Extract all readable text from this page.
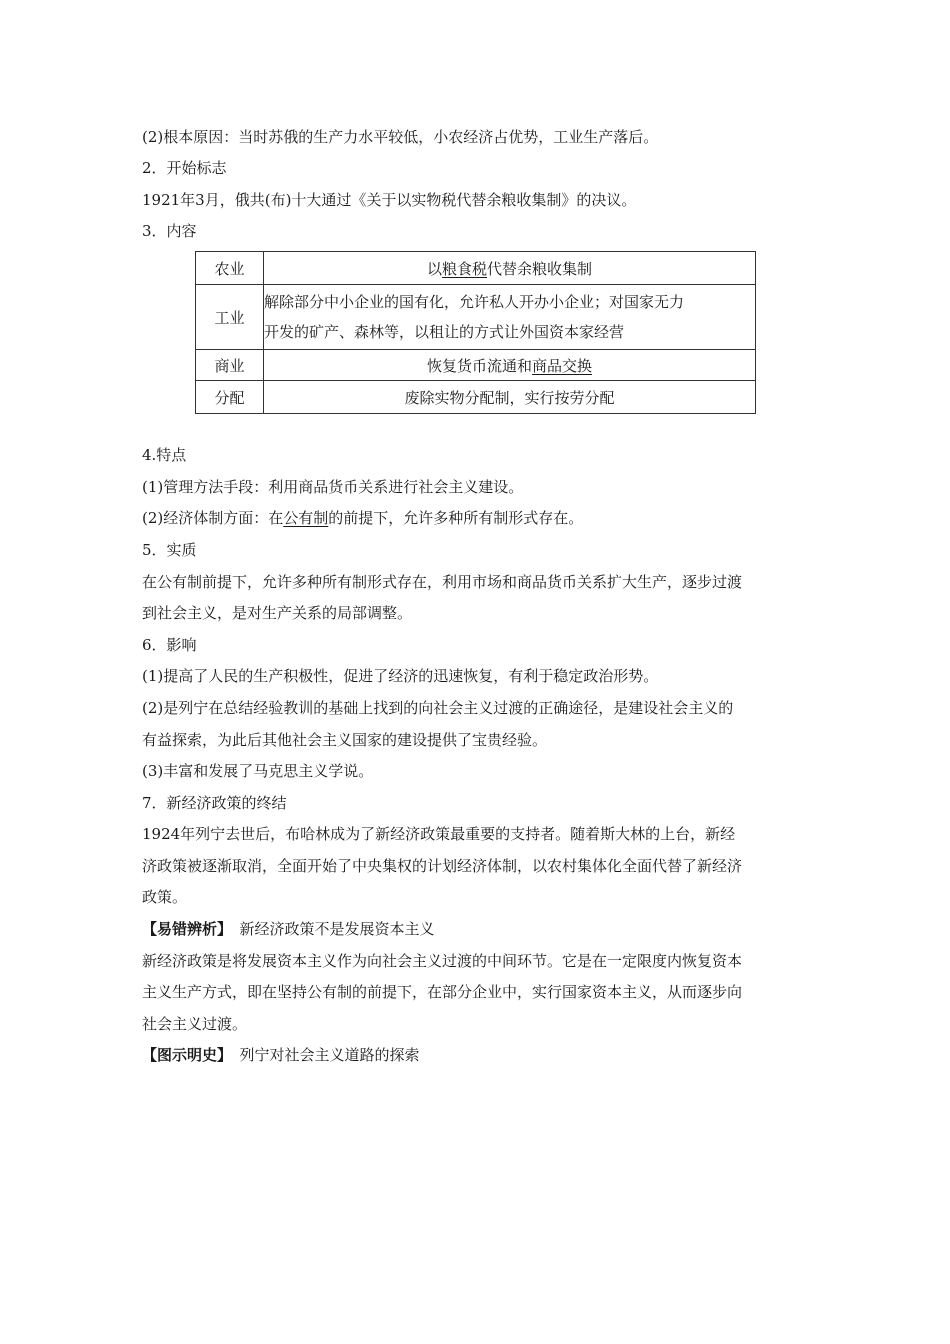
(2)根本原因：当时苏俄的生产力水平较低，小农经济占优势，工业生产落后。
2．开始标志
1921年3月，俄共(布)十大通过《关于以实物税代替余粮收集制》的决议。
3．内容
农业	以粮食税代替余粮收集制
工业	解除部分中小企业的国有化，允许私人开办小企业；对国家无力
开发的矿产、森林等，以租让的方式让外国资本家经营

商业	恢复货币流通和商品交换
分配	废除实物分配制，实行按劳分配
4.特点
(1)管理方法手段：利用商品货币关系进行社会主义建设。
(2)经济体制方面：在公有制的前提下，允许多种所有制形式存在。
5．实质
在公有制前提下，允许多种所有制形式存在，利用市场和商品货币关系扩大生产，逐步过渡
到社会主义，是对生产关系的局部调整。
6．影响
(1)提高了人民的生产积极性，促进了经济的迅速恢复，有利于稳定政治形势。
(2)是列宁在总结经验教训的基础上找到的向社会主义过渡的正确途径，是建设社会主义的
有益探索，为此后其他社会主义国家的建设提供了宝贵经验。
(3)丰富和发展了马克思主义学说。
7．新经济政策的终结
1924年列宁去世后，布哈林成为了新经济政策最重要的支持者。随着斯大林的上台，新经
济政策被逐渐取消，全面开始了中央集权的计划经济体制，以农村集体化全面代替了新经济
政策。
【易错辨析】　新经济政策不是发展资本主义
新经济政策是将发展资本主义作为向社会主义过渡的中间环节。它是在一定限度内恢复资本
主义生产方式，即在坚持公有制的前提下，在部分企业中，实行国家资本主义，从而逐步向
社会主义过渡。
【图示明史】　列宁对社会主义道路的探索
